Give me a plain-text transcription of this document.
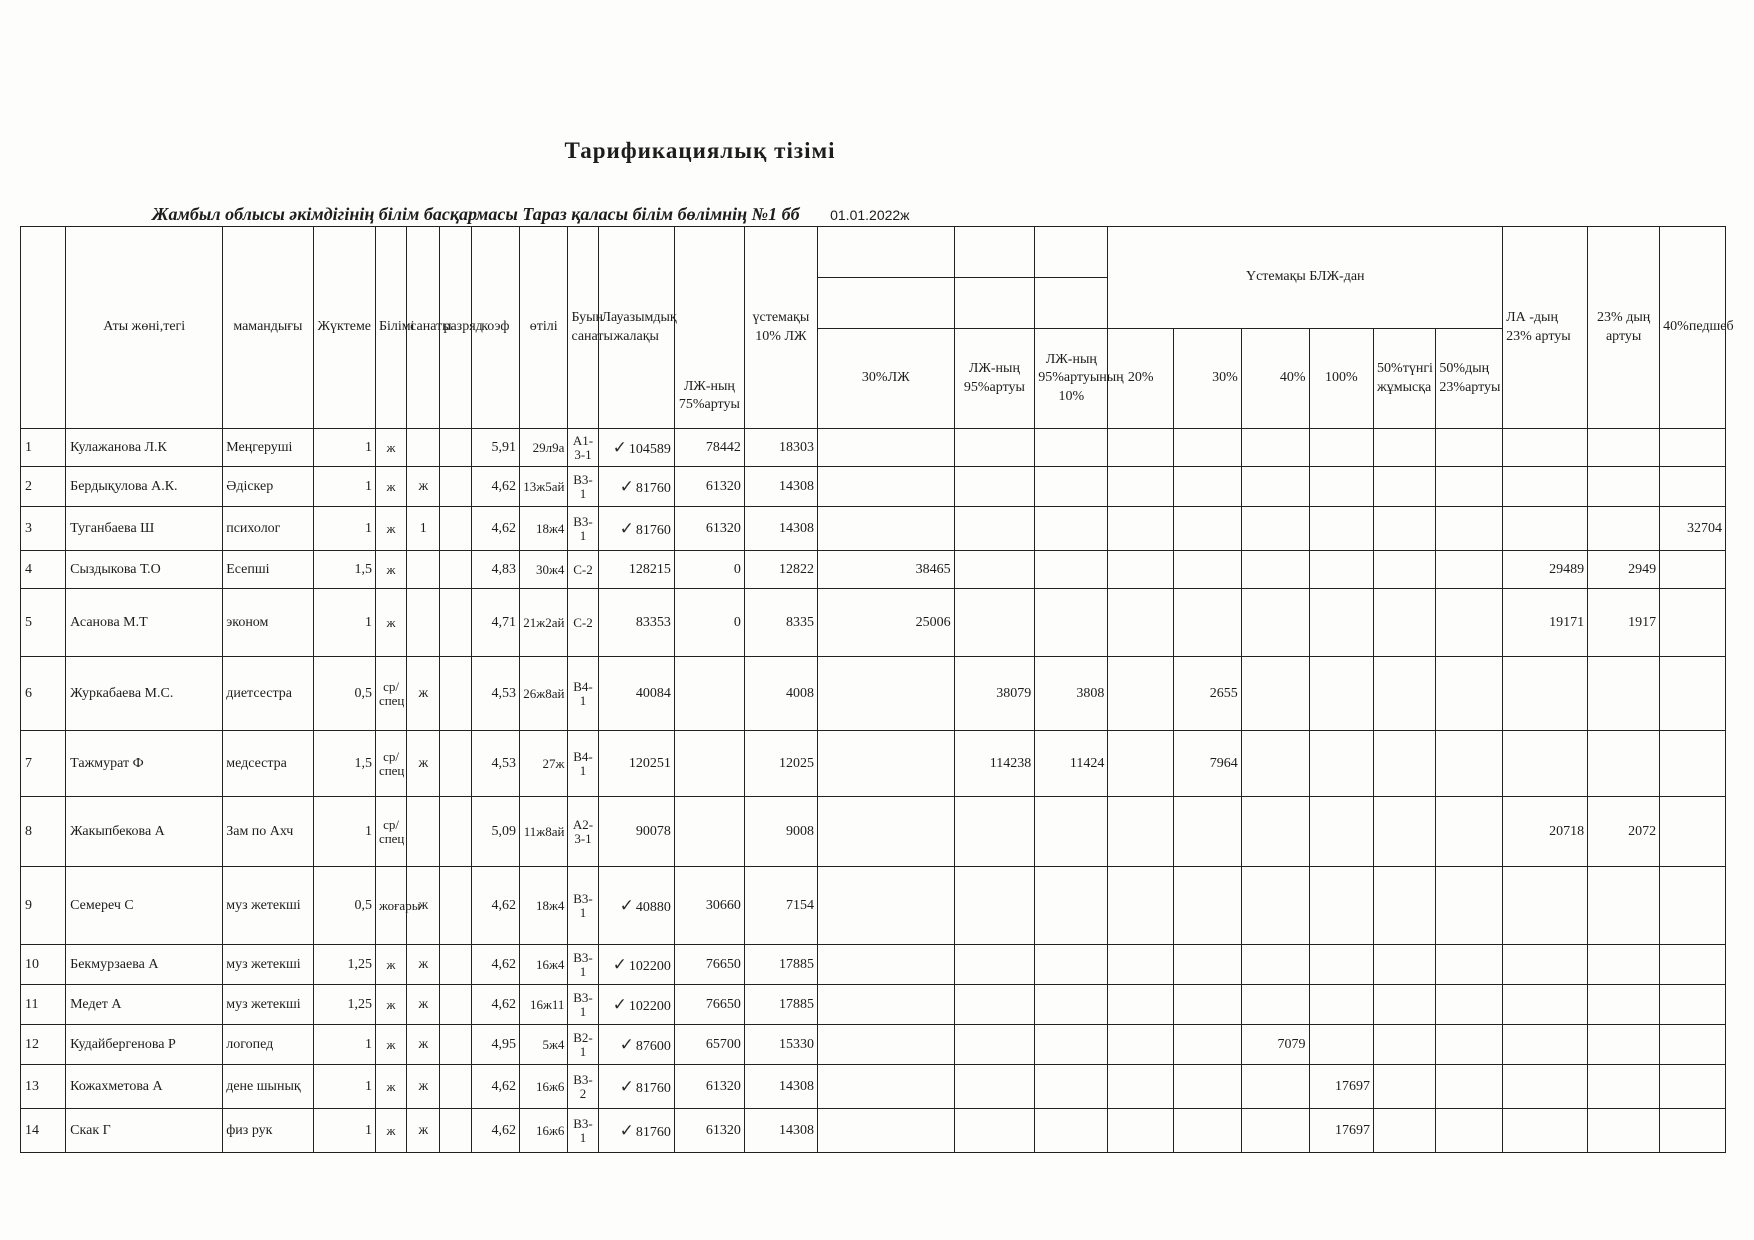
Тарификациялық тізімі
Жамбыл облысы әкімдігінің білім басқармасы Тараз қаласы білім бөлімнің №1 бб 01.01.2022ж
	Аты жөні,тегі	мамандығы	Жүктеме	Білімі	санаты	разряд	коэф	өтілі	Буын санаты	Лауазымдық жалақы	ЛЖ-ның 75%артуы	үстемақы 10% ЛЖ				Үстемақы БЛЖ-дан						ЛА -дың 23% артуы	23% дың артуы	40%педшеб

													30%ЛЖ	ЛЖ-ның 95%артуы	ЛЖ-ның 95%артуының 10%	20%	30%	40%	100%	50%түнгі жұмысқа	50%дың 23%артуы			
1	Кулажанова Л.К	Меңгеруші	1	ж			5,91	29л9а	А1-3-1	✓ 104589	78442	18303												
2	Бердықулова А.К.	Әдіскер	1	ж	ж		4,62	13ж5ай	В3-1	✓ 81760	61320	14308												
3	Туганбаева Ш	психолог	1	ж	1		4,62	18ж4	В3-1	✓ 81760	61320	14308												32704
4	Сыздыкова Т.О	Есепші	1,5	ж			4,83	30ж4	С-2	128215	0	12822	38465									29489	2949	
5	Асанова М.Т	эконом	1	ж			4,71	21ж2ай	С-2	83353	0	8335	25006									19171	1917	
6	Журкабаева М.С.	диетсестра	0,5	ср/спец	ж		4,53	26ж8ай	В4-1	40084		4008		38079	3808		2655							
7	Тажмурат Ф	медсестра	1,5	ср/спец	ж		4,53	27ж	В4-1	120251		12025		114238	11424		7964							
8	Жакыпбекова А	Зам по Ахч	1	ср/спец			5,09	11ж8ай	А2-3-1	90078		9008										20718	2072	
9	Семереч С	муз жетекші	0,5	жоғары	ж		4,62	18ж4	В3-1	✓ 40880	30660	7154												
10	Бекмурзаева А	муз жетекші	1,25	ж	ж		4,62	16ж4	В3-1	✓ 102200	76650	17885												
11	Медет А	муз жетекші	1,25	ж	ж		4,62	16ж11	В3-1	✓ 102200	76650	17885												
12	Кудайбергенова Р	логопед	1	ж	ж		4,95	5ж4	В2-1	✓ 87600	65700	15330						7079						
13	Кожахметова А	дене шынық	1	ж	ж		4,62	16ж6	В3-2	✓ 81760	61320	14308							17697					
14	Скак Г	физ рук	1	ж	ж		4,62	16ж6	В3-1	✓ 81760	61320	14308							17697					
